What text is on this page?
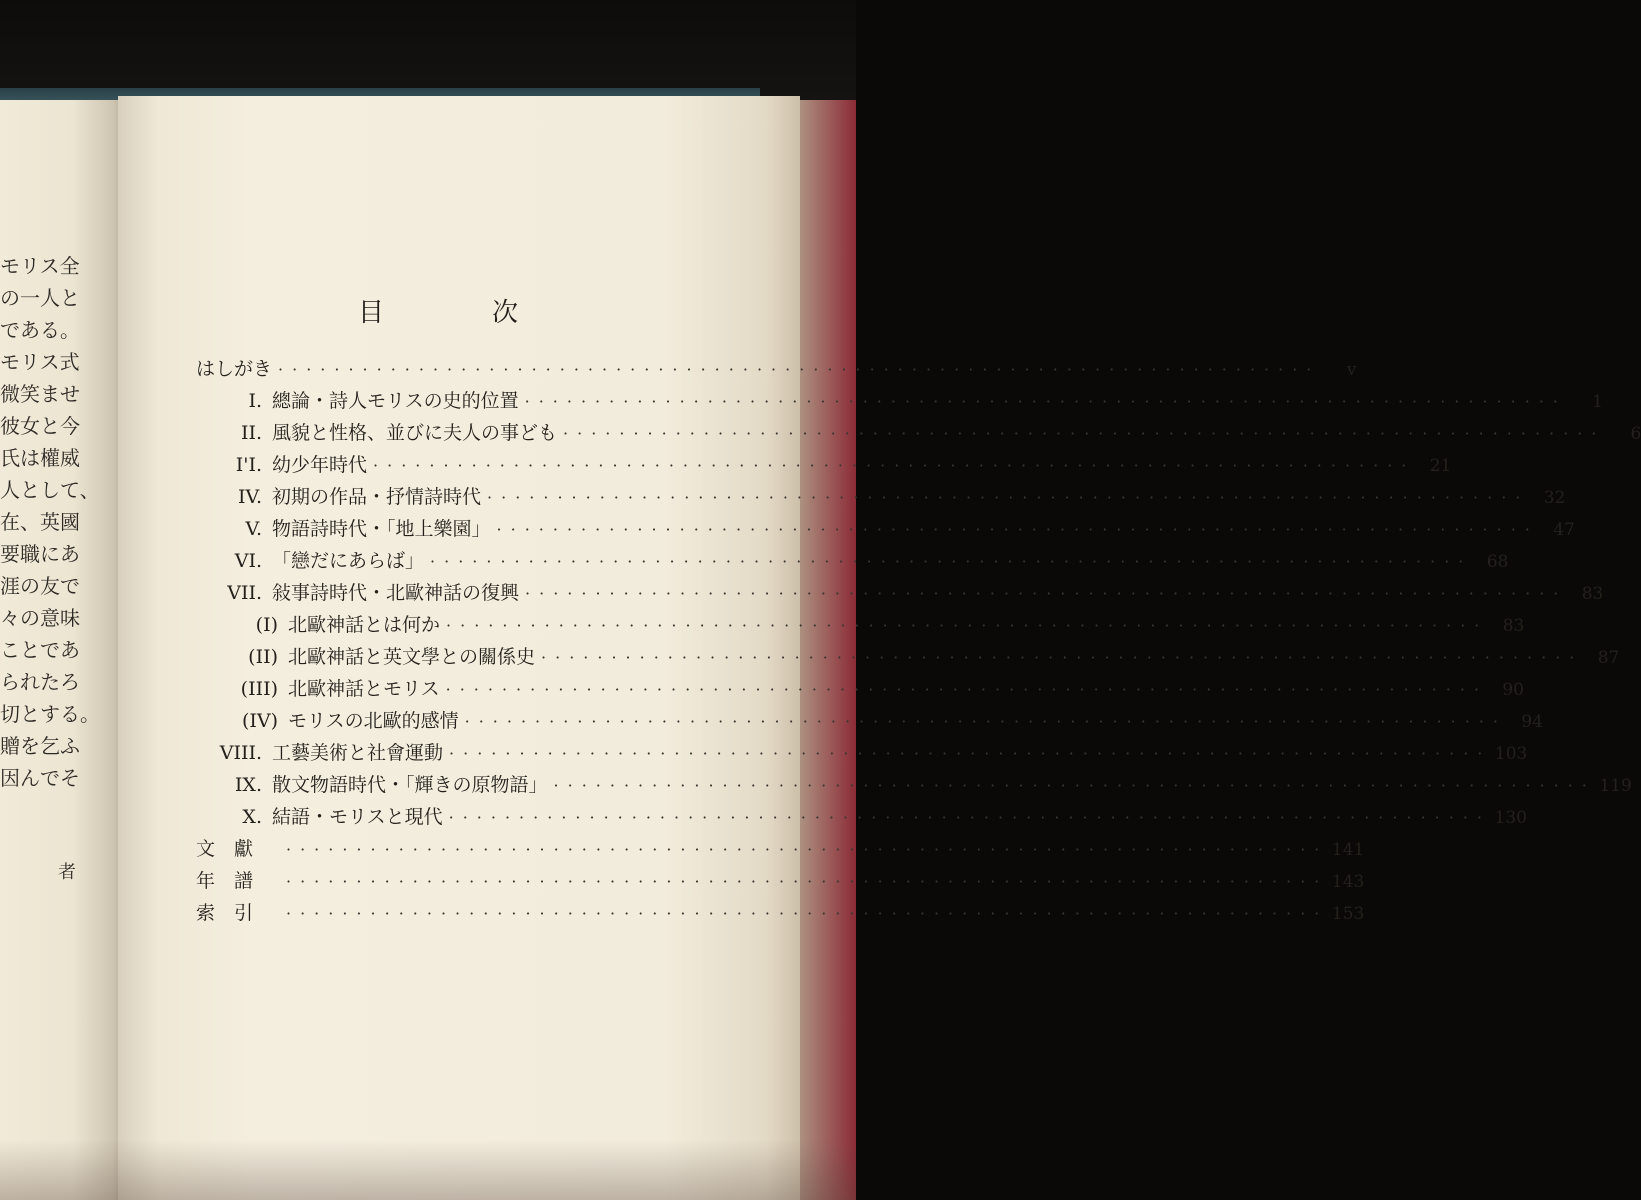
モリス全
の一人と
である。
モリス式
微笑ませ
彼女と今
氏は權威
人として、
在、英國
要職にあ
涯の友で
々の意味
ことであ
られたろ
切とする。
贈を乞ふ
因んでそ
者
目	次
はしがき ·····	v
I. 總論・詩人モリスの史的位置 ·····	1
II. 風貌と性格、並びに夫人の事ども ·····	6
I'I. 幼少年時代 ·····	21
IV. 初期の作品・抒情詩時代 ·····	32
V. 物語詩時代・「地上樂園」 ·····	47
VI. 「戀だにあらば」 ·····	68
VII. 敍事詩時代・北歐神話の復興 ·····	83
(I) 北歐神話とは何か ·····	83
(II) 北歐神話と英文學との關係史 ·····	87
(III) 北歐神話とモリス ·····	90
(IV) モリスの北歐的感情 ·····	94
VIII. 工藝美術と社會運動 ·····	103
IX. 散文物語時代・「輝きの原物語」 ·····	119
X. 結語・モリスと現代 ·····	130
文　獻 ·····	141
年　譜 ·····	143
索　引 ·····	153
